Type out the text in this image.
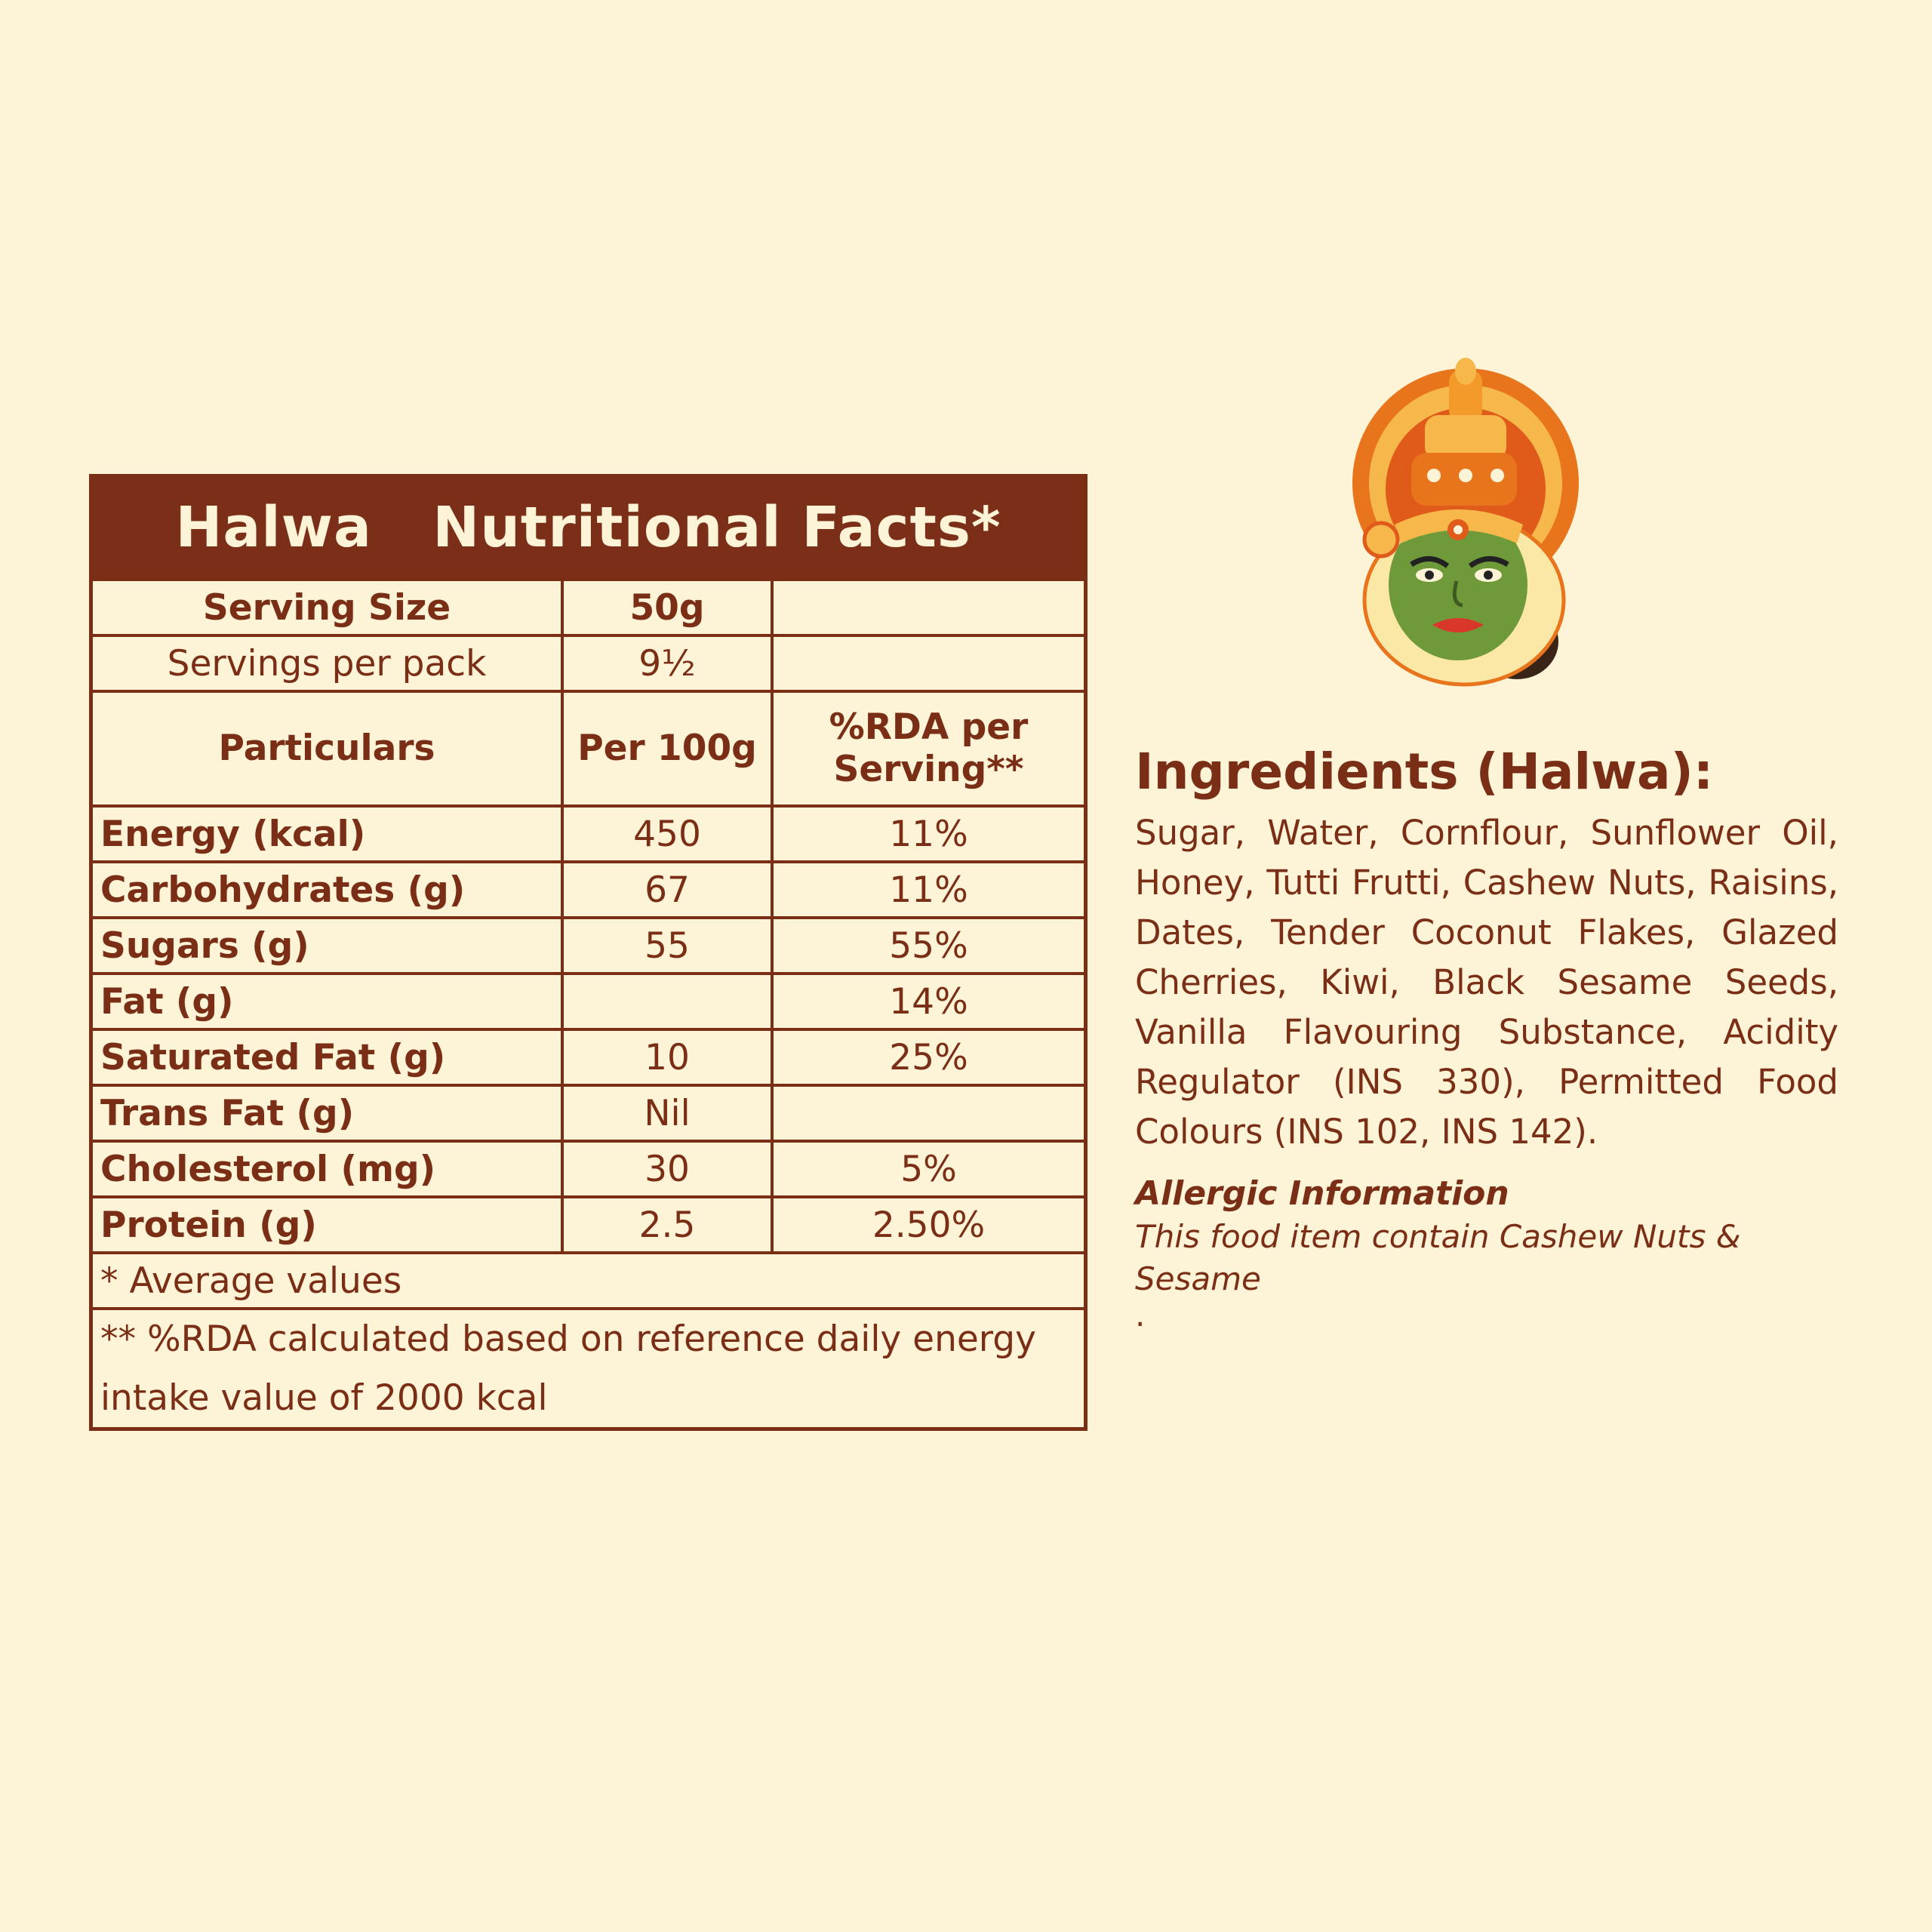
Halwa   Nutritional Facts*
Serving Size	50g	
Servings per pack	9½	
Particulars	Per 100g	%RDA per
Serving**

Energy (kcal)	450	11%
Carbohydrates (g)	67	11%
Sugars (g)	55	55%
Fat (g)		14%
Saturated Fat (g)	10	25%
Trans Fat (g)	Nil	
Cholesterol (mg)	30	5%
Protein (g)	2.5	2.50%
* Average values		
** %RDA calculated based on reference daily energy intake value of 2000 kcal		
Ingredients (Halwa):

Sugar, Water, Cornflour, Sunflower Oil, Honey, Tutti Frutti, Cashew Nuts, Raisins, Dates, Tender Coconut Flakes, Glazed Cherries, Kiwi, Black Sesame Seeds, Vanilla Flavouring Substance, Acidity Regulator (INS 330), Permitted Food Colours (INS 102, INS 142).

Allergic Information
This food item contain Cashew Nuts & Sesame
.
